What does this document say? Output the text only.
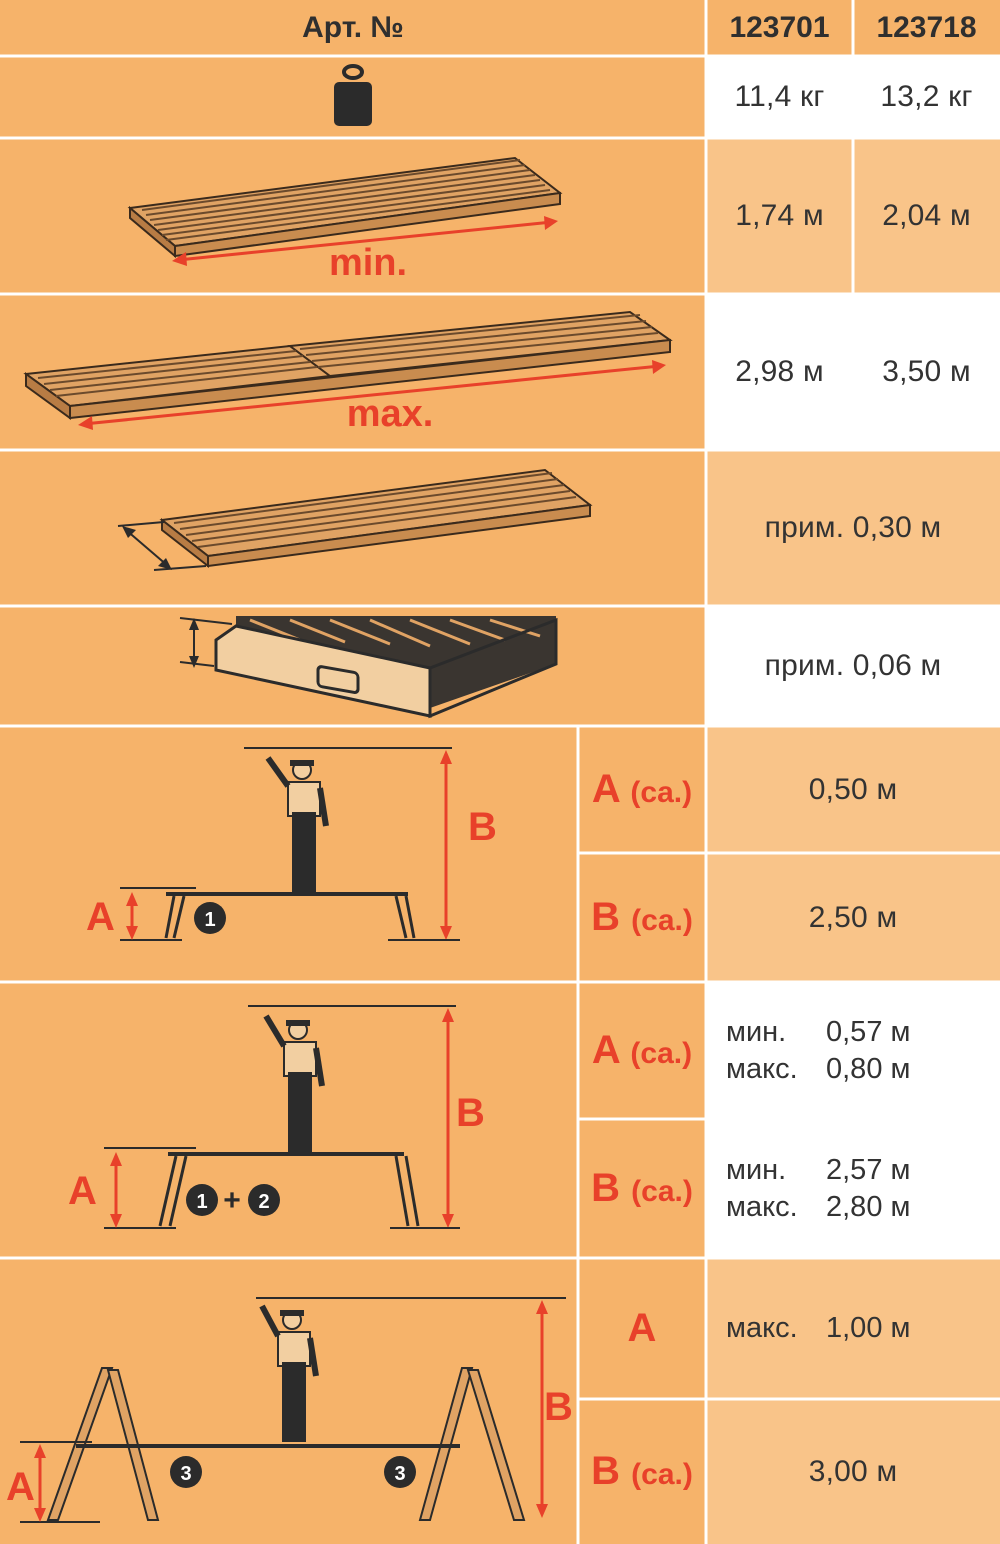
Арт. №	123701 123718
11,4 кг 13,2 кг
min.
1,74 м 2,04 м
max.
2,98 м 3,50 м
прим. 0,30 м
прим. 0,06 м
B
A	1
A (ca.)	0,50 м
B (ca.)	2,50 м
B
A	1 + 2
A (ca.)
мин.	0,57 м
макс. 0,80 м
B (ca.)
мин.	2,57 м
макс. 2,80 м
B
A	3	3
A макс. 1,00 м
B (ca.)	3,00 м
